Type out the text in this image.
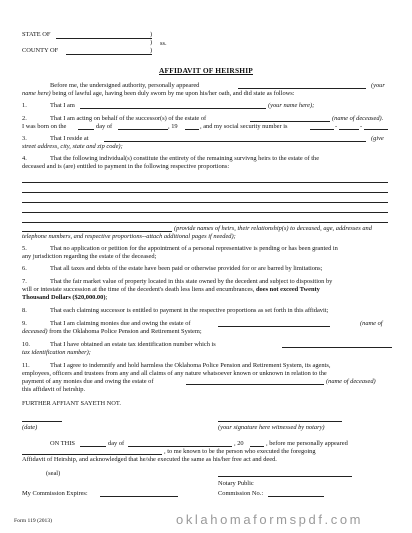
STATE OF	)
) ss.
)
COUNTY OF
AFFIDAVIT OF HEIRSHIP
Before me, the undersigned authority, personally appeared	(your
name here) being of lawful age, having been duly sworn by me upon his/her oath, and did state as follows:
1.	That I am	(your name here);
2.	That I am acting on behalf of the successor(s) of the estate of	(name of deceased).
I was born on the	day of	, 19	, and my social security number is	-	-
3.	That I reside at	(give
street address, city, state and zip code);
4.	That the following individual(s) constitute the entirety of the remaining survivng heirs to the estate of the
deceased and is (are) entitled to payment in the following respective proportions:
(provide names of heirs, their relationship(s) to deceased, age, addresses and
telephone numbers, and respective proportions--attach additional pages if needed);
5.	That no application or petition for the appointment of a personal representative is pending or has been granted in
any jurisdiction regarding the estate of the deceased;
6.	That all taxes and debts of the estate have been paid or otherwise provided for or are barred by limitations;
7.	That the fair market value of property located in this state owned by the decedent and subject to disposition by
will or intestate succession at the time of the decedent's death less liens and encumbrances, does not exceed Twenty
Thousand Dollars ($20,000.00);
8.	That each claiming successor is entitled to payment in the respective proportions as set forth in this affidavit;
9.	That I am claiming monies due and owing the estate of	(name of
deceased) from the Oklahoma Police Pension and Retirement System;
10.	That I have obtained an estate tax identification number which is
tax identification number);
11.	That I agree to indemnify and hold harmless the Oklahoma Police Pension and Retirement System, its agents,
employees, officers and trustees from any and all claims of any nature whatsoever known or unknown in relation to the
payment of any monies due and owing the estate of	(name of deceased)
this affidavit of heirship.
FURTHER AFFIANT SAYETH NOT.
(date)	(your signature here witnessed by notary)
ON THIS	day of	, 20	, before me personally appeared
, to me known to be the person who executed the foregoing
Affidavit of Heirship, and acknowledged that he/she executed the same as his/her free act and deed.
(seal)
Notary Public
My Commission Expires:	Commission No.:
Form 119 (2013)	oklahomaformspdf.com
